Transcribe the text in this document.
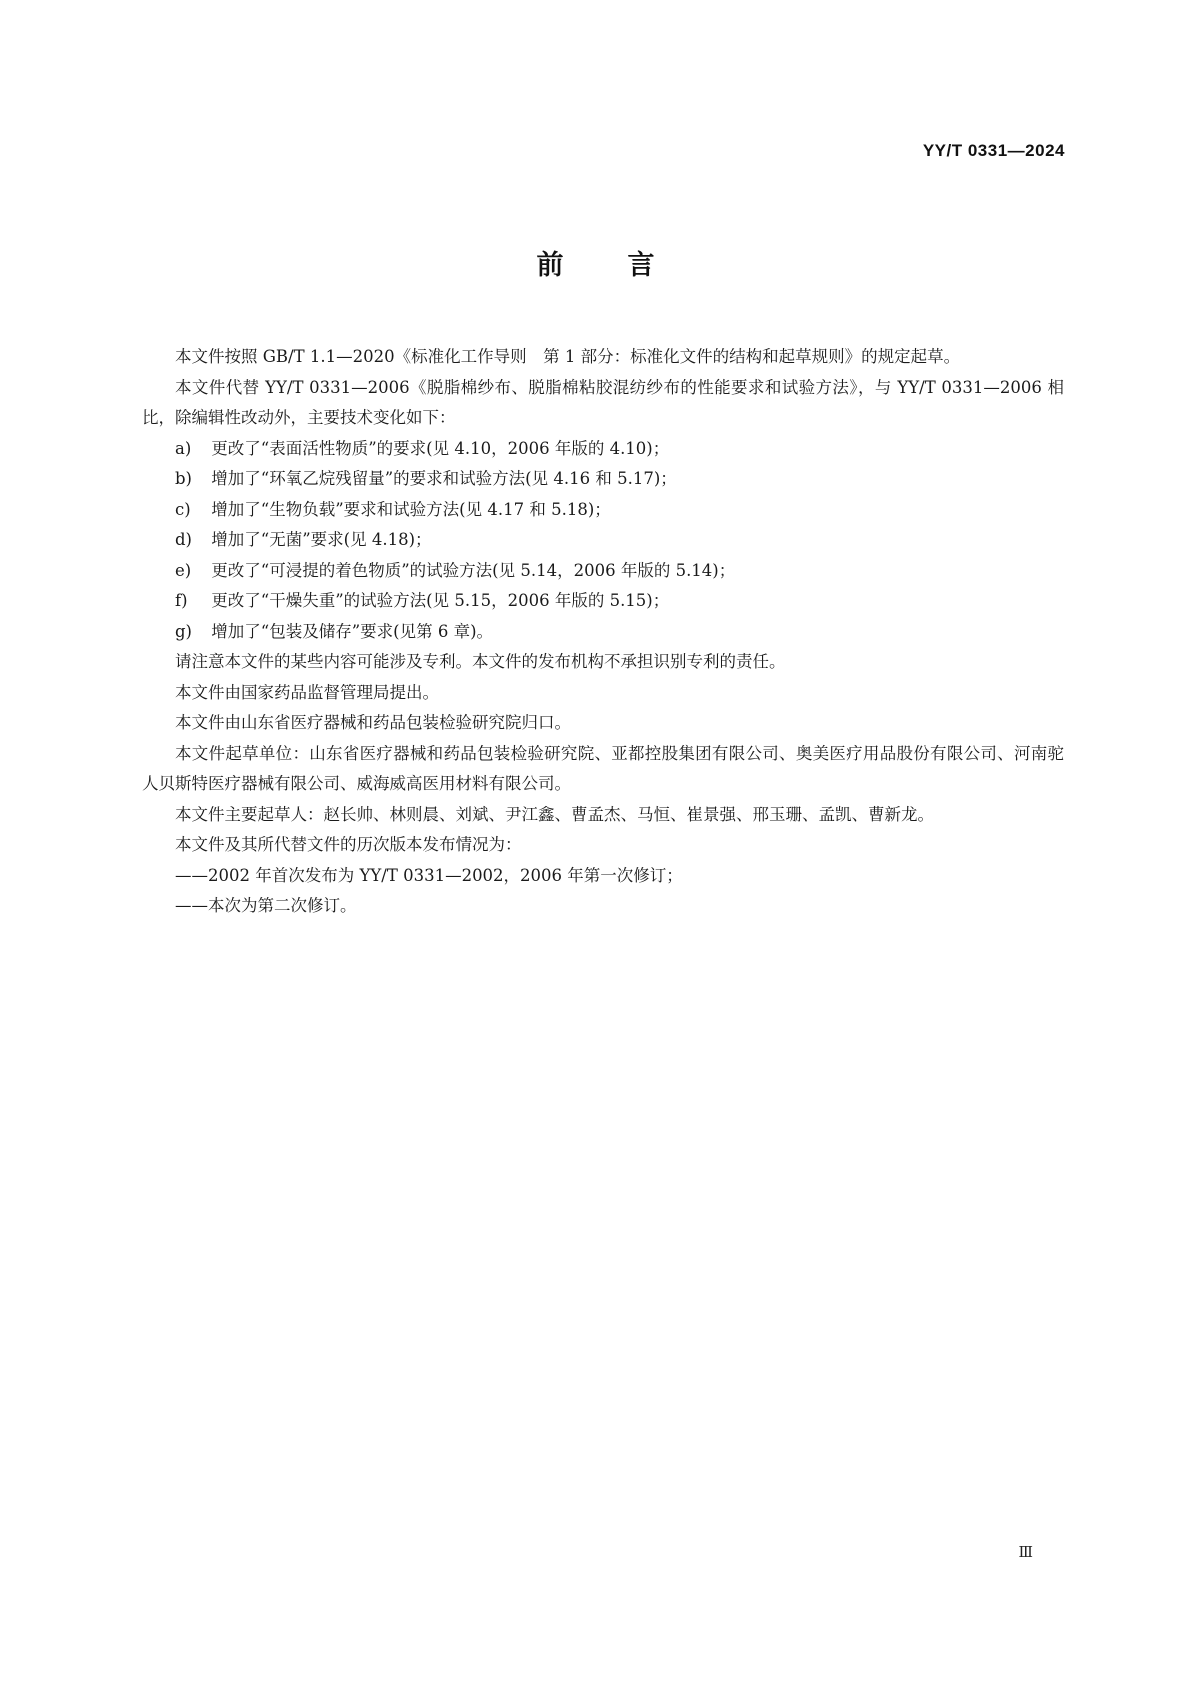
YY/T 0331—2024
前言

本文件按照 GB/T 1.1—2020《标准化工作导则　第 1 部分：标准化文件的结构和起草规则》的规定起草。

本文件代替 YY/T 0331—2006《脱脂棉纱布、脱脂棉粘胶混纺纱布的性能要求和试验方法》，与 YY/T 0331—2006 相比，除编辑性改动外，主要技术变化如下：

a)	更改了“表面活性物质”的要求(见 4.10，2006 年版的 4.10)；
b)	增加了“环氧乙烷残留量”的要求和试验方法(见 4.16 和 5.17)；
c)	增加了“生物负载”要求和试验方法(见 4.17 和 5.18)；
d)	增加了“无菌”要求(见 4.18)；
e)	更改了“可浸提的着色物质”的试验方法(见 5.14，2006 年版的 5.14)；
f)	更改了“干燥失重”的试验方法(见 5.15，2006 年版的 5.15)；
g)	增加了“包装及储存”要求(见第 6 章)。

请注意本文件的某些内容可能涉及专利。本文件的发布机构不承担识别专利的责任。

本文件由国家药品监督管理局提出。

本文件由山东省医疗器械和药品包装检验研究院归口。

本文件起草单位：山东省医疗器械和药品包装检验研究院、亚都控股集团有限公司、奥美医疗用品股份有限公司、河南驼人贝斯特医疗器械有限公司、威海威高医用材料有限公司。

本文件主要起草人：赵长帅、林则晨、刘斌、尹江鑫、曹孟杰、马恒、崔景强、邢玉珊、孟凯、曹新龙。

本文件及其所代替文件的历次版本发布情况为：

——2002 年首次发布为 YY/T 0331—2002，2006 年第一次修订；

——本次为第二次修订。

Ⅲ
